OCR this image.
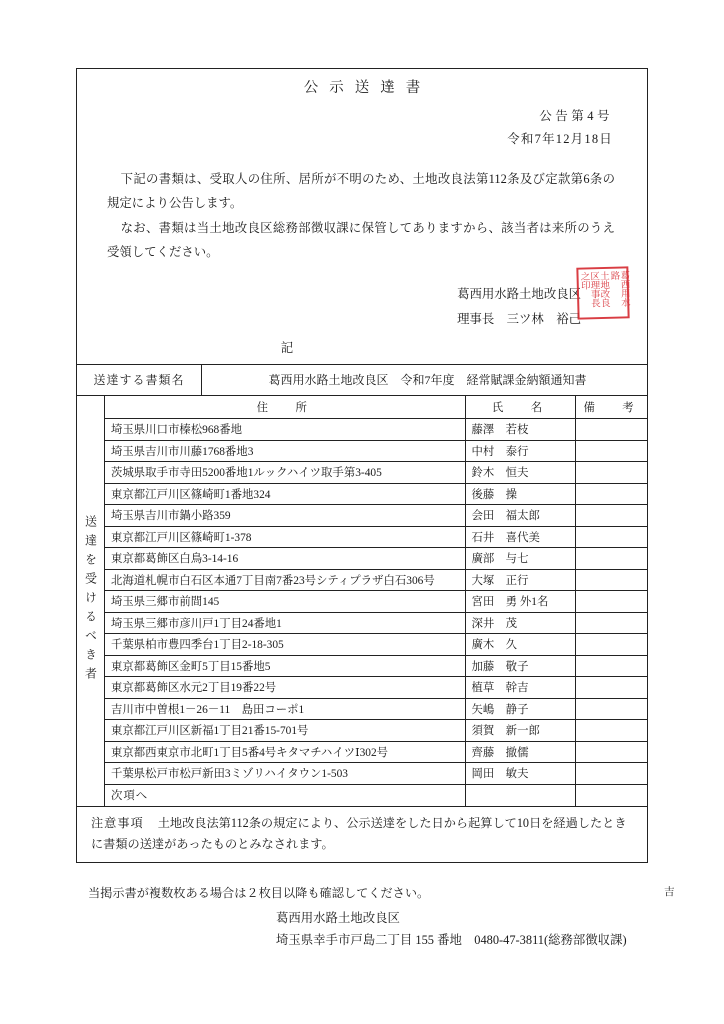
公示送達書
公告第4号
令和7年12月18日

下記の書類は、受取人の住所、居所が不明のため、土地改良法第112条及び定款第6条の規定により公告します。

なお、書類は当土地改良区総務部徴収課に保管してありますから、該当者は来所のうえ受領してください。

葛西用水路土地改良区
理事長　三ツ林　裕己
葛西用水路
土地改良区理事長之印
記
送達する書類名	葛西用水路土地改良区　令和7年度　経常賦課金納額通知書
送達を受けるべき者
住　所	氏　名	備　考
埼玉県川口市榛松968番地	藤澤　若枝	
埼玉県吉川市川藤1768番地3	中村　泰行	
茨城県取手市寺田5200番地1ルックハイツ取手第3-405	鈴木　恒夫	
東京都江戸川区篠崎町1番地324	後藤　操	
埼玉県吉川市鍋小路359	会田　福太郎	
東京都江戸川区篠崎町1-378	石井　喜代美	
東京都葛飾区白鳥3-14-16	廣部　与七	
北海道札幌市白石区本通7丁目南7番23号シティプラザ白石306号	大塚　正行	
埼玉県三郷市前間145	宮田　勇 外1名	
埼玉県三郷市彦川戸1丁目24番地1	深井　茂	
千葉県柏市豊四季台1丁目2-18-305	廣木　久	
東京都葛飾区金町5丁目15番地5	加藤　敬子	
東京都葛飾区水元2丁目19番22号	植草　幹吉	
吉川市中曽根1－26－11　島田コーポ1	矢嶋　静子	
東京都江戸川区新福1丁目21番15-701号	須賀　新一郎	
東京都西東京市北町1丁目5番4号キタマチハイツⅠ302号	齊藤　撤儒	
千葉県松戸市松戸新田3ミゾリハイタウン1-503	岡田　敏夫	
次項へ		
注意事項 土地改良法第112条の規定により、公示送達をした日から起算して10日を経過したときに書類の送達があったものとみなされます。
当掲示書が複数枚ある場合は２枚目以降も確認してください。	吉
葛西用水路土地改良区
埼玉県幸手市戸島二丁目 155 番地　0480-47-3811(総務部徴収課)
